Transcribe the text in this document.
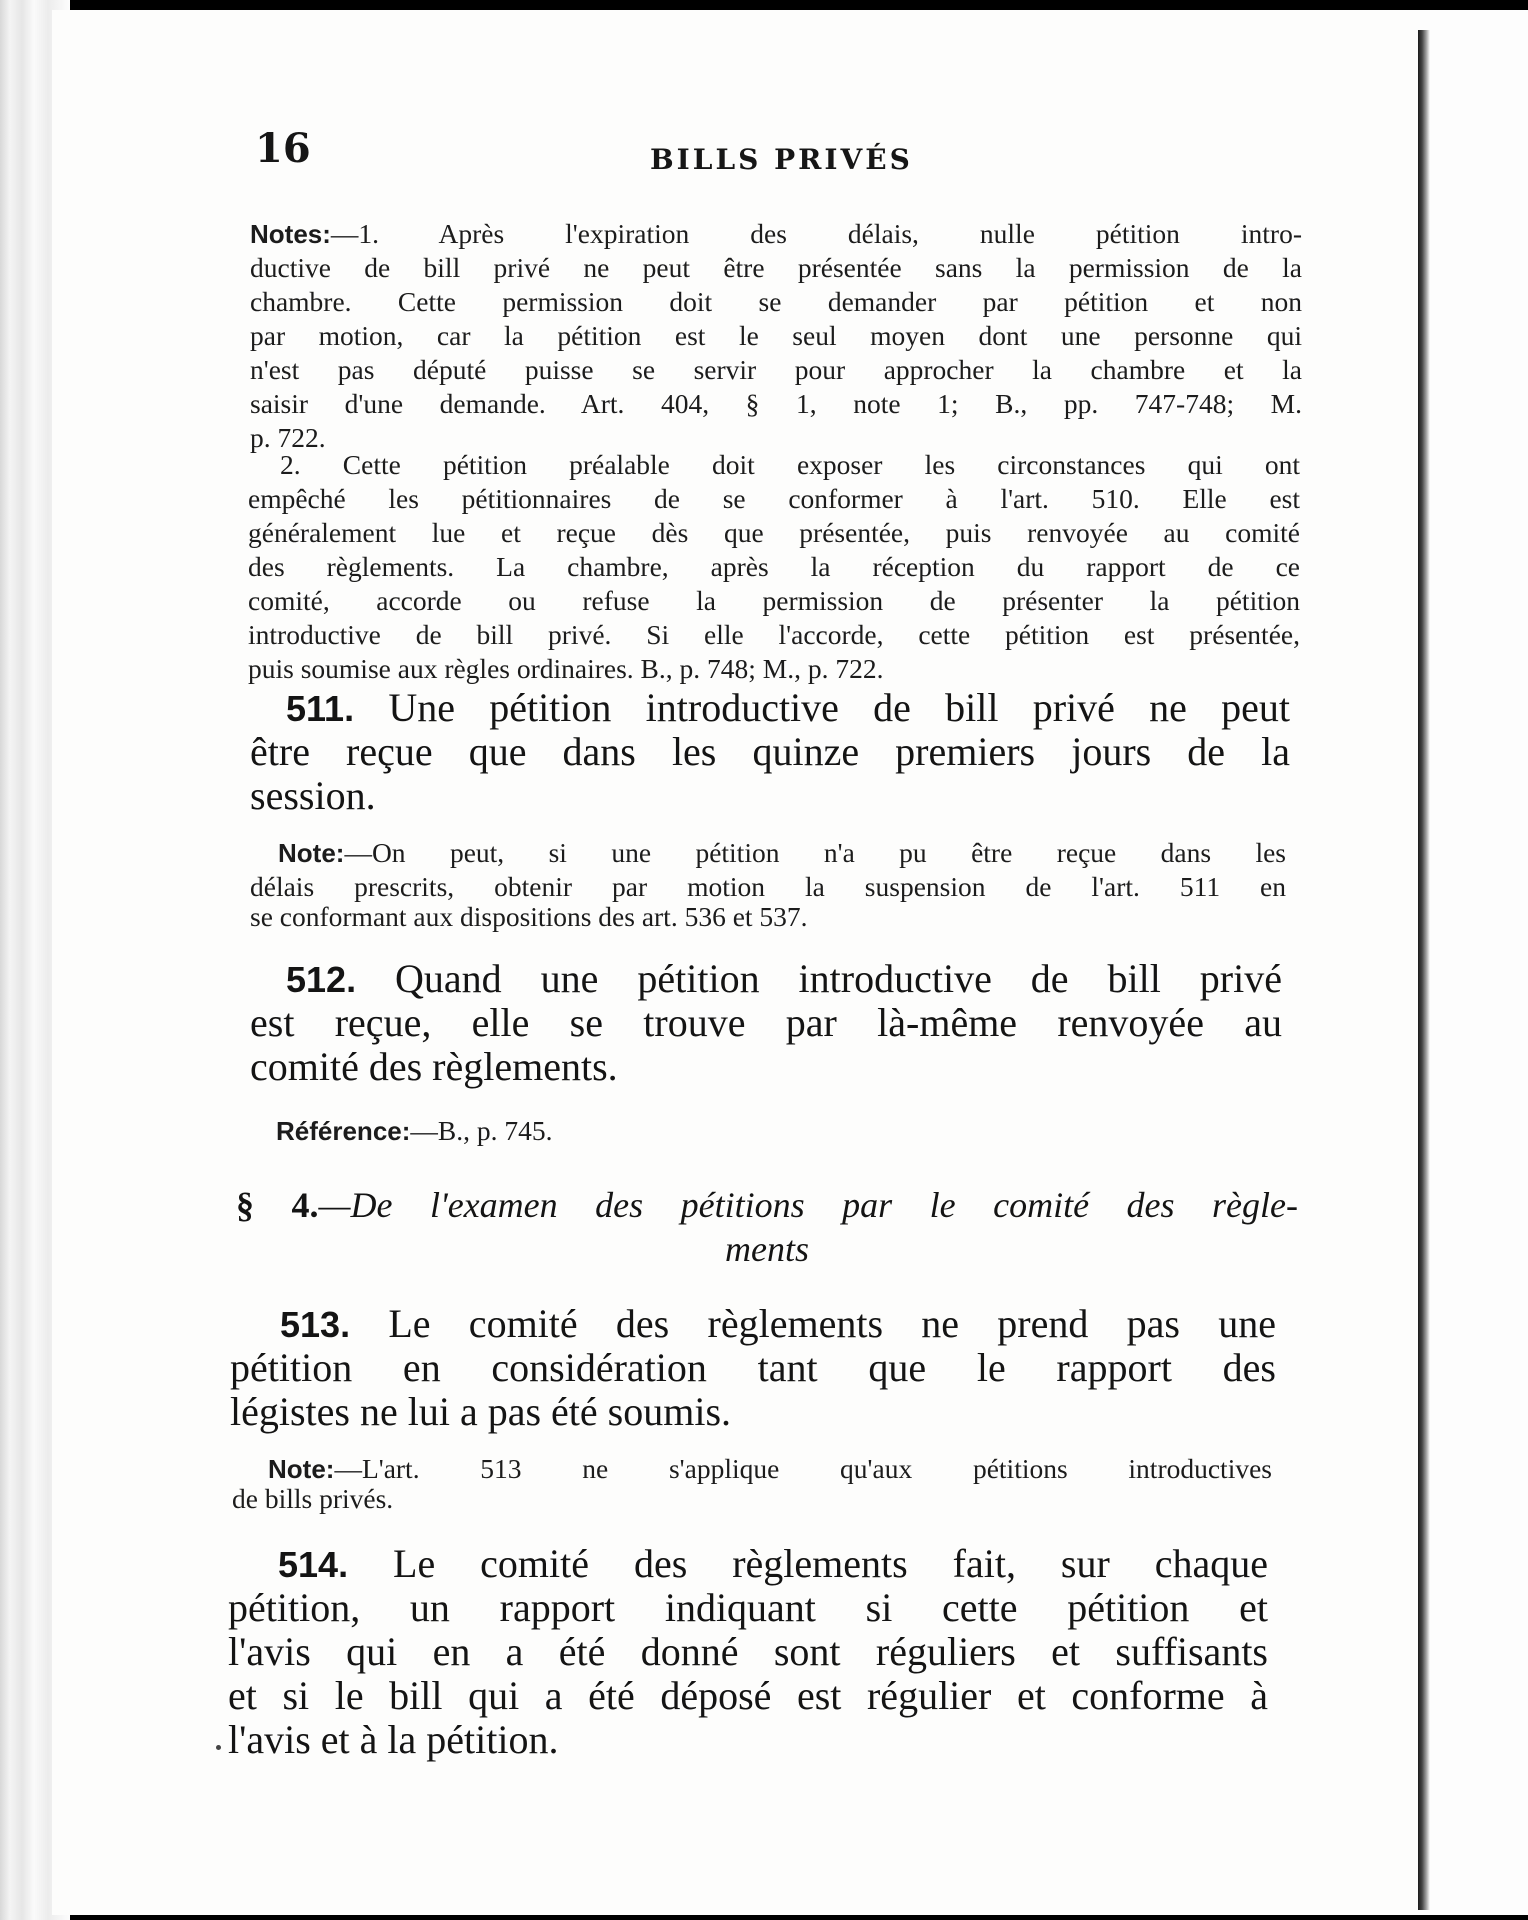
16	BILLS PRIVÉS
Notes:—1. Après l'expiration des délais, nulle pétition intro-
ductive de bill privé ne peut être présentée sans la permission de la
chambre. Cette permission doit se demander par pétition et non
par motion, car la pétition est le seul moyen dont une personne qui
n'est pas député puisse se servir pour approcher la chambre et la
saisir d'une demande. Art. 404, § 1, note 1; B., pp. 747-748; M.
p. 722.
2. Cette pétition préalable doit exposer les circonstances qui ont
empêché les pétitionnaires de se conformer à l'art. 510. Elle est
généralement lue et reçue dès que présentée, puis renvoyée au comité
des règlements. La chambre, après la réception du rapport de ce
comité, accorde ou refuse la permission de présenter la pétition
introductive de bill privé. Si elle l'accorde, cette pétition est présentée,
puis soumise aux règles ordinaires. B., p. 748; M., p. 722.
511. Une pétition introductive de bill privé ne peut
être reçue que dans les quinze premiers jours de la
session.
Note:—On peut, si une pétition n'a pu être reçue dans les
délais prescrits, obtenir par motion la suspension de l'art. 511 en
se conformant aux dispositions des art. 536 et 537.
512. Quand une pétition introductive de bill privé
est reçue, elle se trouve par là-même renvoyée au
comité des règlements.
Référence:—B., p. 745.
§ 4.—De l'examen des pétitions par le comité des règle-
ments
513. Le comité des règlements ne prend pas une
pétition en considération tant que le rapport des
légistes ne lui a pas été soumis.
Note:—L'art. 513 ne s'applique qu'aux pétitions introductives
de bills privés.
514. Le comité des règlements fait, sur chaque
pétition, un rapport indiquant si cette pétition et
l'avis qui en a été donné sont réguliers et suffisants
et si le bill qui a été déposé est régulier et conforme à
l'avis et à la pétition.
